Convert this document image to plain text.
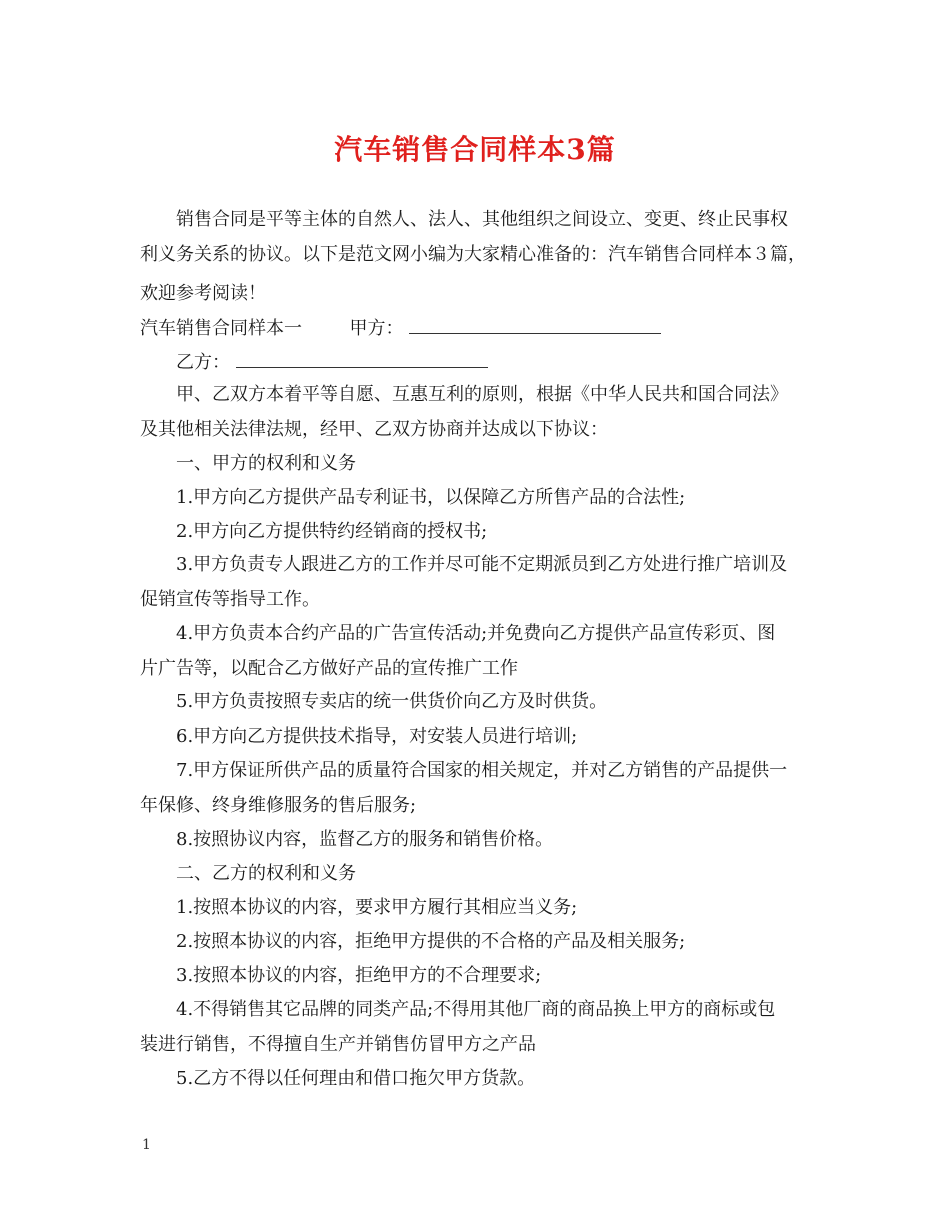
汽车销售合同样本3篇
销售合同是平等主体的自然人、法人、其他组织之间设立、变更、终止民事权
利义务关系的协议。以下是范文网小编为大家精心准备的：汽车销售合同样本３篇，
欢迎参考阅读！
汽车销售合同样本一	甲方：
乙方：
甲、乙双方本着平等自愿、互惠互利的原则，根据《中华人民共和国合同法》
及其他相关法律法规，经甲、乙双方协商并达成以下协议：
一、甲方的权利和义务
1.甲方向乙方提供产品专利证书，以保障乙方所售产品的合法性;
2.甲方向乙方提供特约经销商的授权书;
3.甲方负责专人跟进乙方的工作并尽可能不定期派员到乙方处进行推广培训及
促销宣传等指导工作。
4.甲方负责本合约产品的广告宣传活动;并免费向乙方提供产品宣传彩页、图
片广告等，以配合乙方做好产品的宣传推广工作
5.甲方负责按照专卖店的统一供货价向乙方及时供货。
6.甲方向乙方提供技术指导，对安装人员进行培训;
7.甲方保证所供产品的质量符合国家的相关规定，并对乙方销售的产品提供一
年保修、终身维修服务的售后服务;
8.按照协议内容，监督乙方的服务和销售价格。
二、乙方的权利和义务
1.按照本协议的内容，要求甲方履行其相应当义务;
2.按照本协议的内容，拒绝甲方提供的不合格的产品及相关服务;
3.按照本协议的内容，拒绝甲方的不合理要求;
4.不得销售其它品牌的同类产品;不得用其他厂商的商品换上甲方的商标或包
装进行销售，不得擅自生产并销售仿冒甲方之产品
5.乙方不得以任何理由和借口拖欠甲方货款。
1
